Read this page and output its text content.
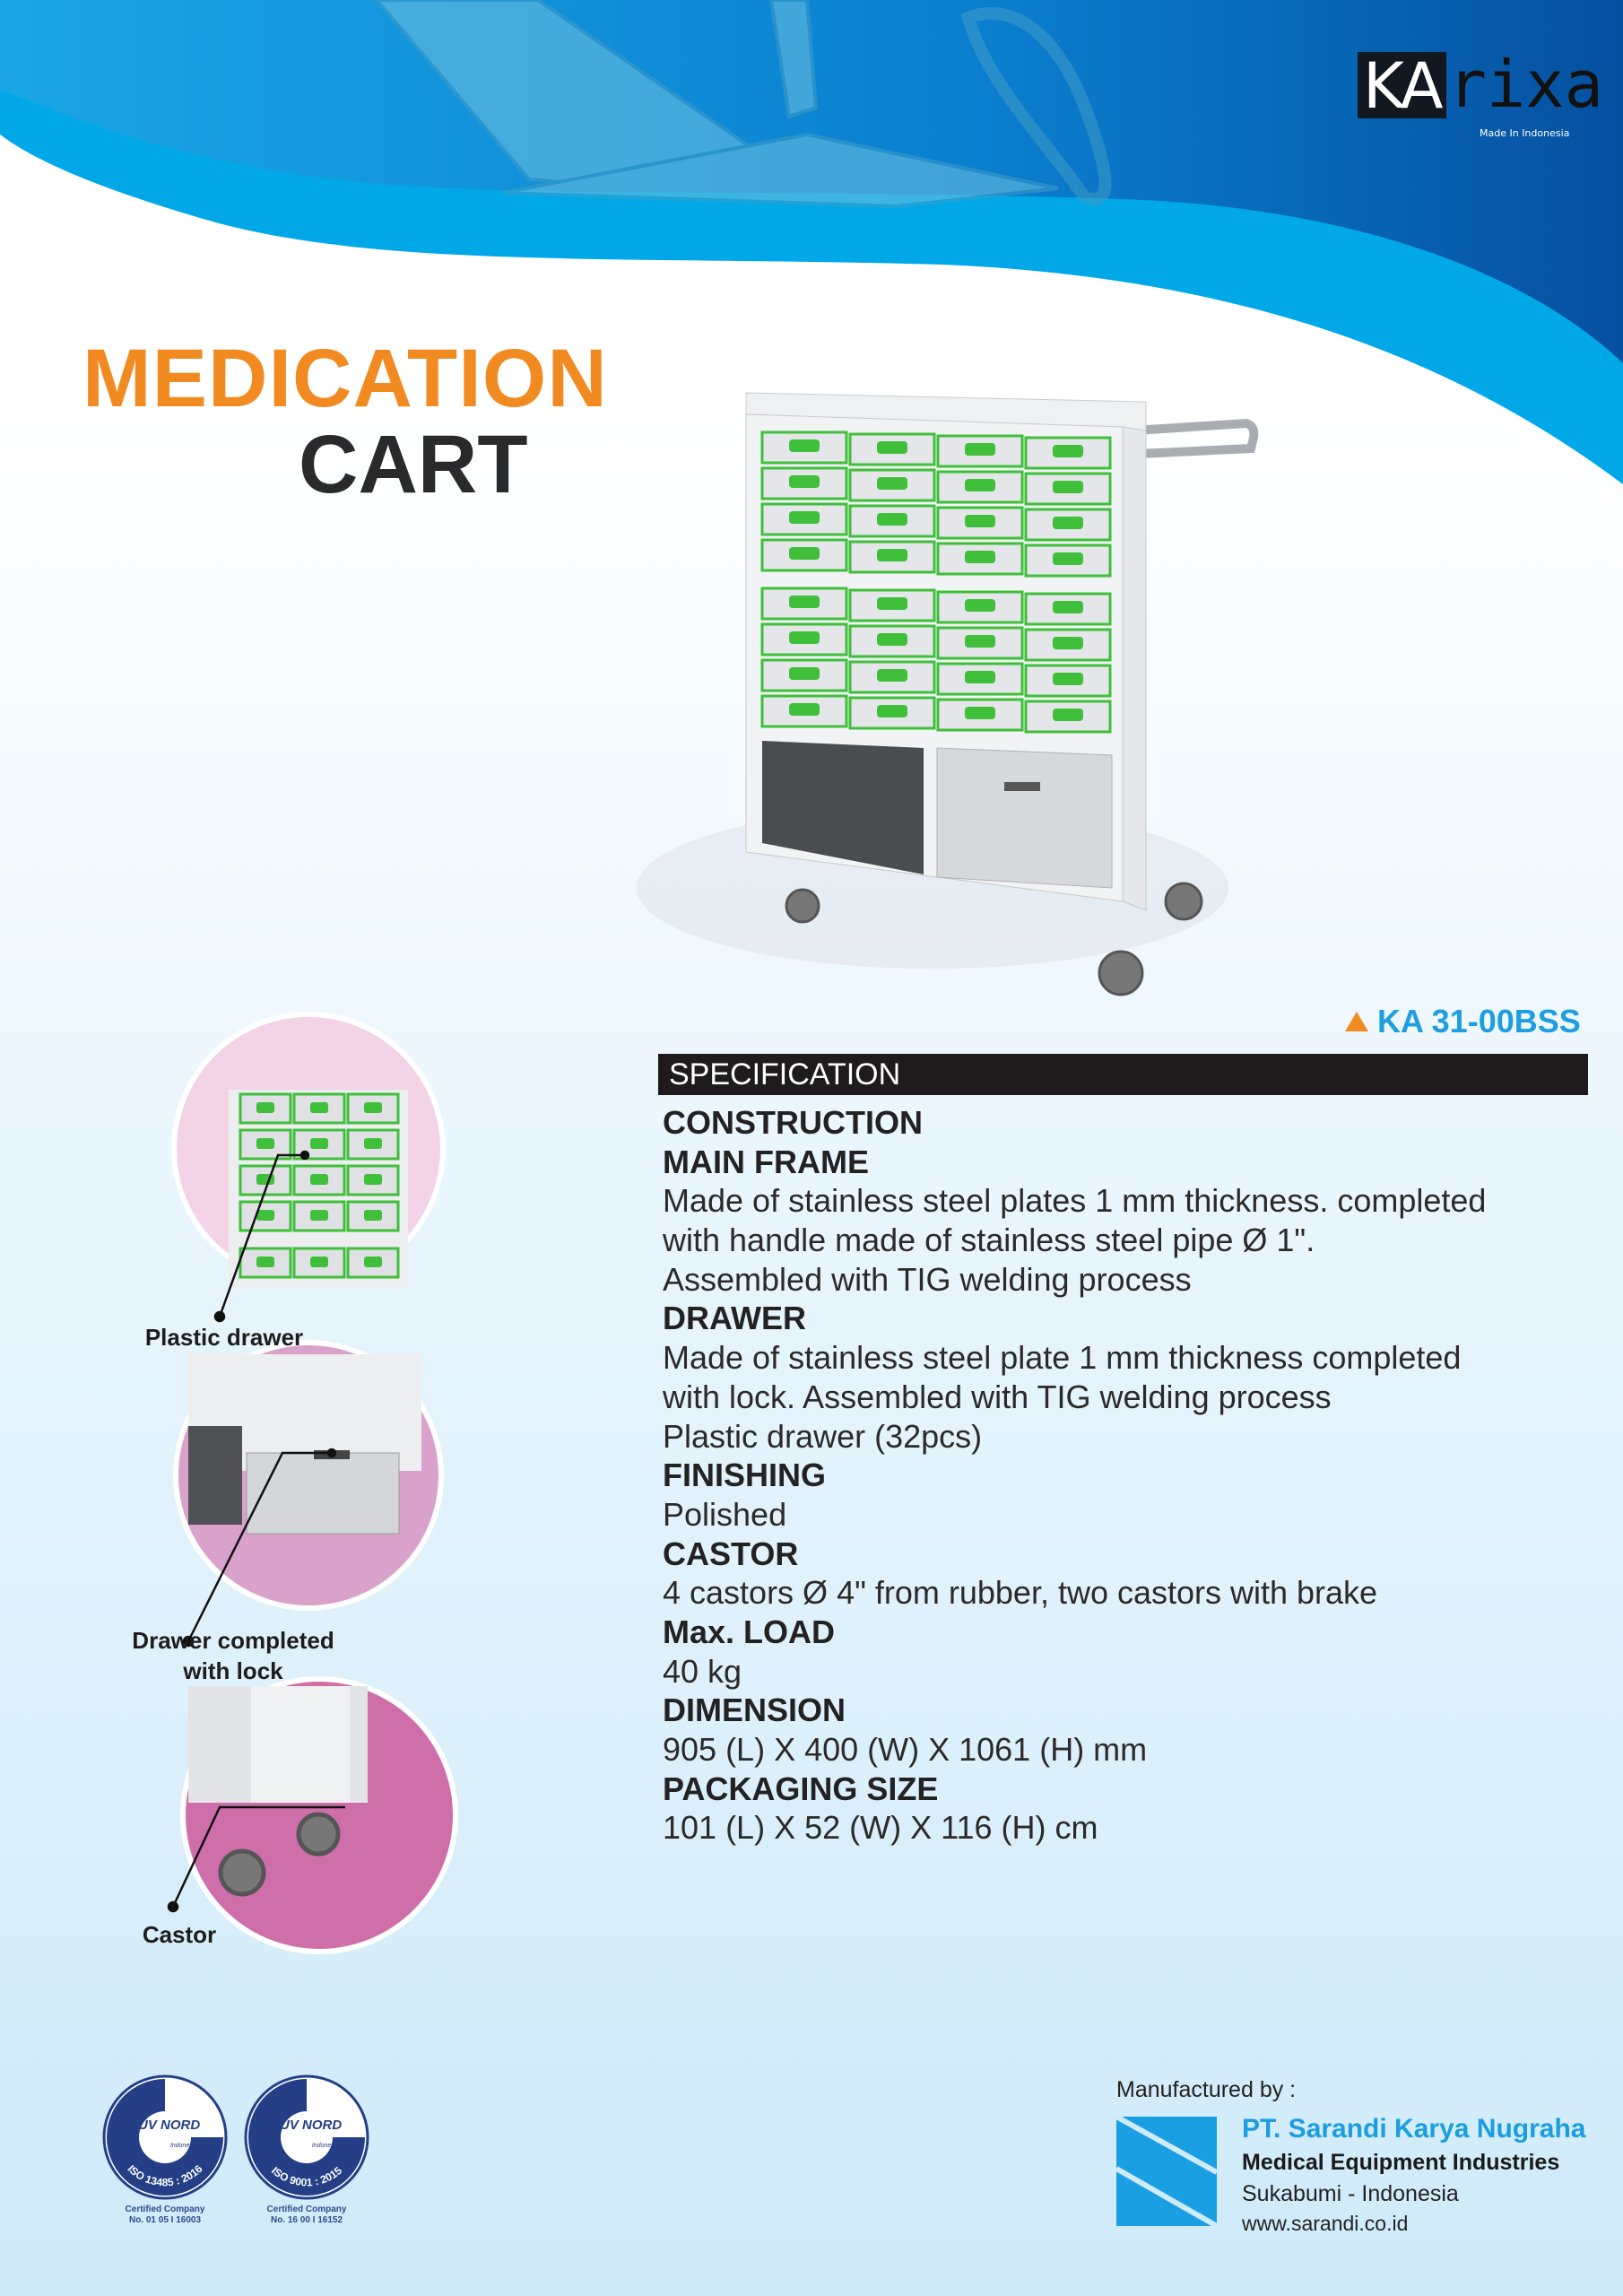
KA rixa
Made In Indonesia
MEDICATION
CART
KA 31-00BSS
SPECIFICATION
CONSTRUCTION
MAIN FRAME
Made of stainless steel plates 1 mm thickness. completed
with handle made of stainless steel pipe Ø 1".
Assembled with TIG welding process
DRAWER
Made of stainless steel plate 1 mm thickness completed
with lock. Assembled with TIG welding process
Plastic drawer (32pcs)
FINISHING
Polished
CASTOR
4 castors Ø 4" from rubber, two castors with brake
Max. LOAD
40 kg
DIMENSION
905 (L) X 400 (W) X 1061 (H) mm
PACKAGING SIZE
101 (L) X 52 (W) X 116 (H) cm
Plastic drawer
Drawer completed
with lock
Castor
TÜV NORD
Indonesia
ISO 13485 : 2016
Certified Company
No. 01 05 I 16003
TÜV NORD
Indonesia
ISO 9001 : 2015
Certified Company
No. 16 00 I 16152
Manufactured by :
PT. Sarandi Karya Nugraha
Medical Equipment Industries
Sukabumi - Indonesia
www.sarandi.co.id
